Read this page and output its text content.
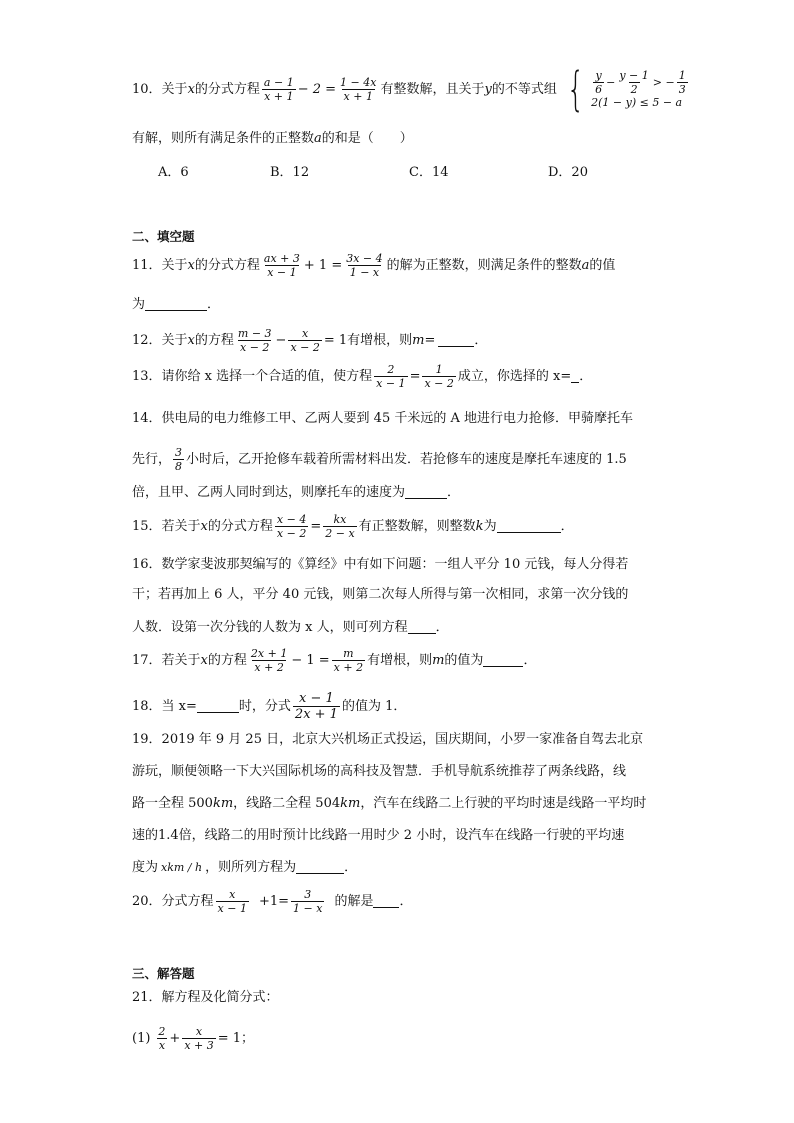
10． 关于 x 的分式方程 $\frac{a - 1}{x + 1} - 2 = \frac{1 - 4x}{x + 1}$ 有整数解，且关于 y 的不等式组 { $\frac{y}{6} - \frac{y - 1}{2}$ > − $\frac{1}{3}$
2(1 − y) ≤ 5 − a
有解，则所有满足条件的正整数 a 的和是（　　）
A．6	B．12	C．14	D．20
二、填空题
11．关于 x 的分式方程 $\frac{ax + 3}{x - 1} + 1 = \frac{3x - 4}{1 - x}$ 的解为正整数，则满足条件的整数 a 的值
为	．
12．关于 x 的方程 $\frac{m - 3}{x - 2} - \frac{x}{x - 2} = 1$有增根，则 m =	．
13．请你给 x 选择一个合适的值，使方程 $\frac{2}{x - 1} = \frac{1}{x - 2}$ 成立，你选择的 x= ．
14．供电局的电力维修工甲、乙两人要到 45 千米远的 A 地进行电力抢修．甲骑摩托车
先行， $\frac{3}{8}$ 小时后，乙开抢修车载着所需材料出发．若抢修车的速度是摩托车速度的 1.5
倍，且甲、乙两人同时到达，则摩托车的速度为	．
15．若关于 x 的分式方程 $\frac{x - 4}{x - 2} = \frac{kx}{2 - x}$ 有正整数解，则整数 k 为	．
16．数学家斐波那契编写的《算经》中有如下问题：一组人平分 10 元钱，每人分得若
干；若再加上 6 人，平分 40 元钱，则第二次每人所得与第一次相同，求第一次分钱的
人数．设第一次分钱的人数为 x 人，则可列方程 ．
17．若关于 x 的方程 $\frac{2x + 1}{x + 2} - 1 = \frac{m}{x + 2}$ 有增根，则 m 的值为	．
18．当 x=	时，分式 $\frac{x - 1}{2x + 1}$ 的值为 1．
19．2019 年 9 月 25 日，北京大兴机场正式投运，国庆期间，小罗一家准备自驾去北京
游玩，顺便领略一下大兴国际机场的高科技及智慧．手机导航系统推荐了两条线路，线
路一全程 500 km ，线路二全程 504 km ，汽车在线路二上行驶的平均时速是线路一平均时
速的1.4倍，线路二的用时预计比线路一用时少 2 小时，设汽车在线路一行驶的平均速
度为 xkm / h ，则所列方程为	．
20．分式方程 $\frac{x}{x - 1} +1= \frac{3}{1 - x}$ 的解是 ．
三、解答题
21．解方程及化简分式：
$(1) \frac{2}{x} + \frac{x}{x + 3} = 1$；
